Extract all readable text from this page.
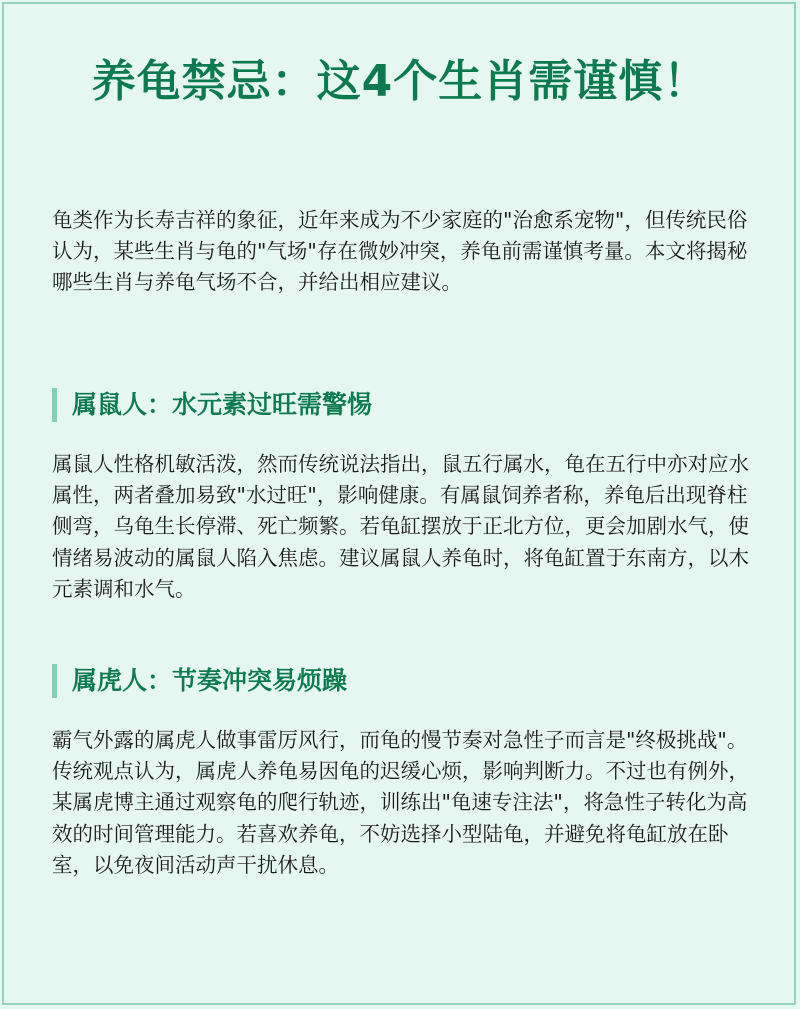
养龟禁忌：这4个生肖需谨慎！

龟类作为长寿吉祥的象征，近年来成为不少家庭的"治愈系宠物"，但传统民俗认为，某些生肖与龟的"气场"存在微妙冲突，养龟前需谨慎考量。本文将揭秘哪些生肖与养龟气场不合，并给出相应建议。

属鼠人：水元素过旺需警惕

属鼠人性格机敏活泼，然而传统说法指出，鼠五行属水，龟在五行中亦对应水属性，两者叠加易致"水过旺"，影响健康。有属鼠饲养者称，养龟后出现脊柱侧弯，乌龟生长停滞、死亡频繁。若龟缸摆放于正北方位，更会加剧水气，使情绪易波动的属鼠人陷入焦虑。建议属鼠人养龟时，将龟缸置于东南方，以木元素调和水气。

属虎人：节奏冲突易烦躁

霸气外露的属虎人做事雷厉风行，而龟的慢节奏对急性子而言是"终极挑战"。传统观点认为，属虎人养龟易因龟的迟缓心烦，影响判断力。不过也有例外，某属虎博主通过观察龟的爬行轨迹，训练出"龟速专注法"，将急性子转化为高效的时间管理能力。若喜欢养龟，不妨选择小型陆龟，并避免将龟缸放在卧室，以免夜间活动声干扰休息。
